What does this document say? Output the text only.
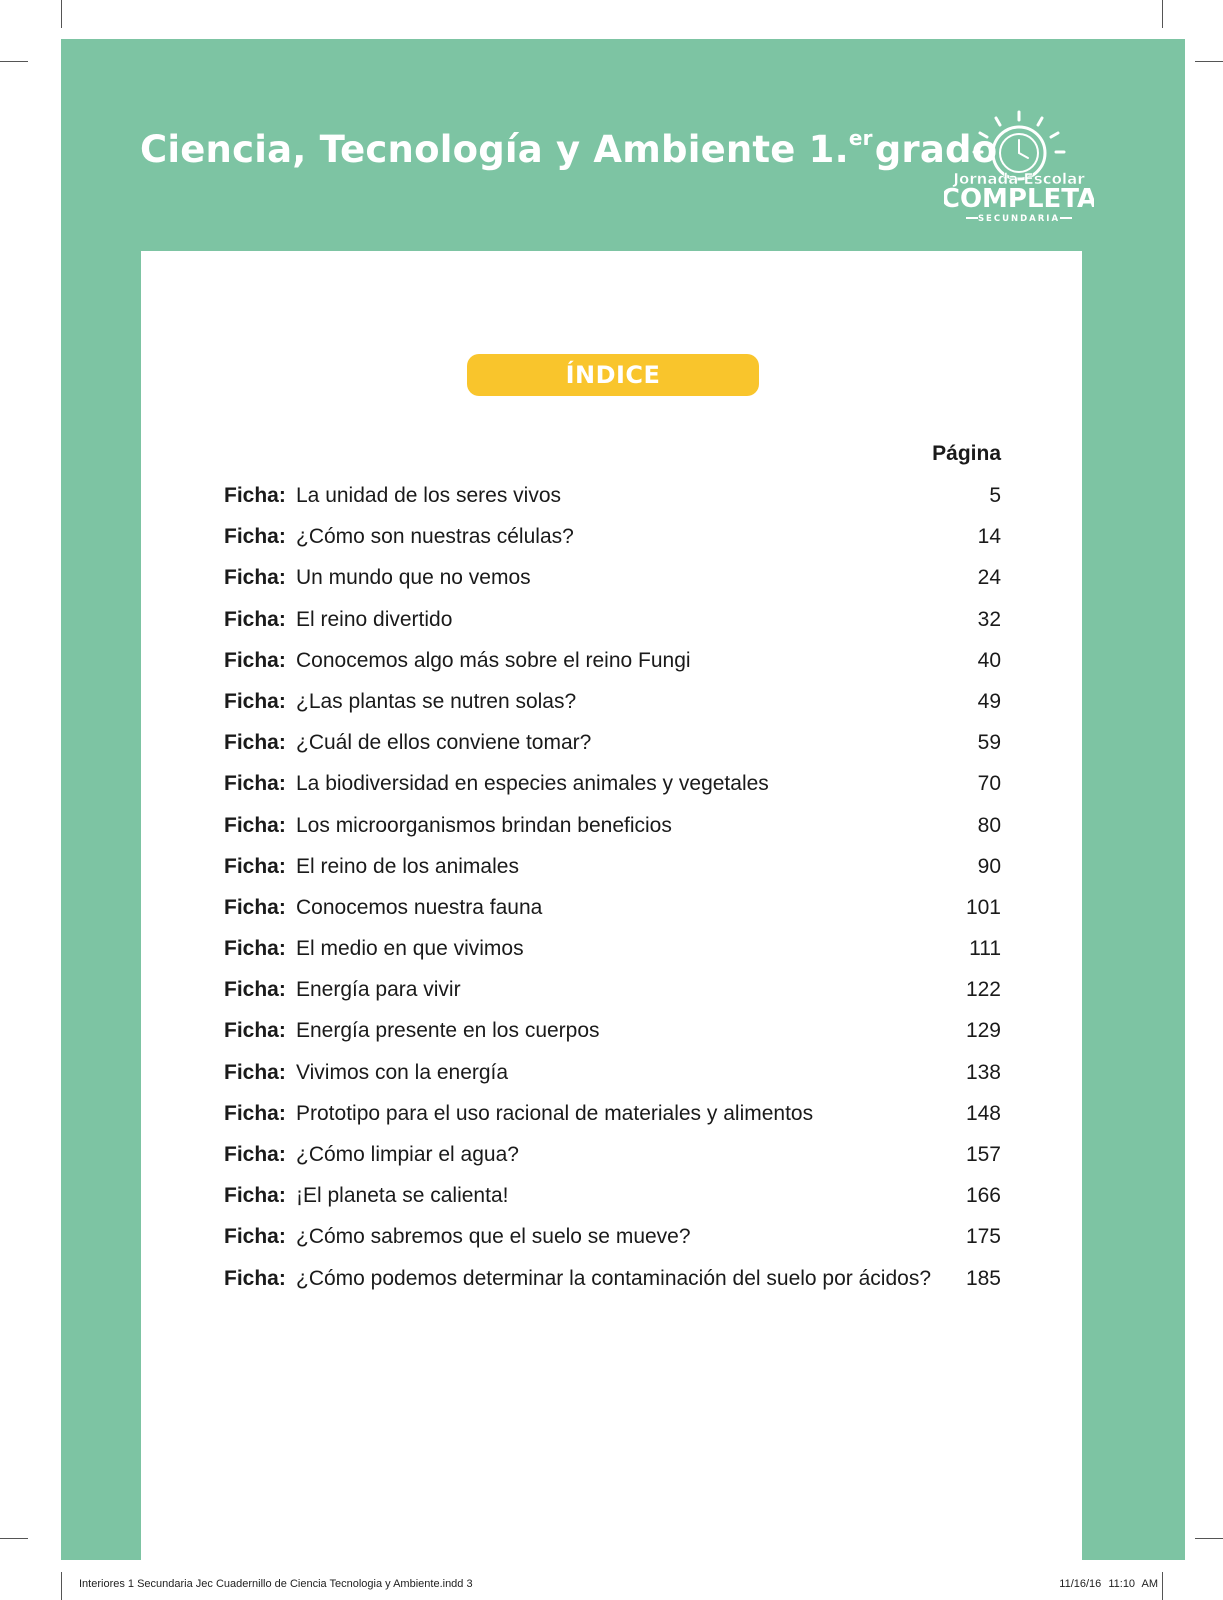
Ciencia, Tecnología y Ambiente 1.$^{er}$grado
Jornada Escolar
COMPLETA
SECUNDARIA
ÍNDICE
Página
Ficha: La unidad de los seres vivos	5
Ficha: ¿Cómo son nuestras células?	14
Ficha: Un mundo que no vemos	24
Ficha: El reino divertido	32
Ficha: Conocemos algo más sobre el reino Fungi	40
Ficha: ¿Las plantas se nutren solas?	49
Ficha: ¿Cuál de ellos conviene tomar?	59
Ficha: La biodiversidad en especies animales y vegetales	70
Ficha: Los microorganismos brindan beneficios	80
Ficha: El reino de los animales	90
Ficha: Conocemos nuestra fauna	101
Ficha: El medio en que vivimos	111
Ficha: Energía para vivir	122
Ficha: Energía presente en los cuerpos	129
Ficha: Vivimos con la energía	138
Ficha: Prototipo para el uso racional de materiales y alimentos	148
Ficha: ¿Cómo limpiar el agua?	157
Ficha: ¡El planeta se calienta!	166
Ficha: ¿Cómo sabremos que el suelo se mueve?	175
Ficha: ¿Cómo podemos determinar la contaminación del suelo por ácidos?	185
Interiores 1 Secundaria Jec Cuadernillo de Ciencia Tecnologia y Ambiente.indd 3	11/16/16 11:10 AM
